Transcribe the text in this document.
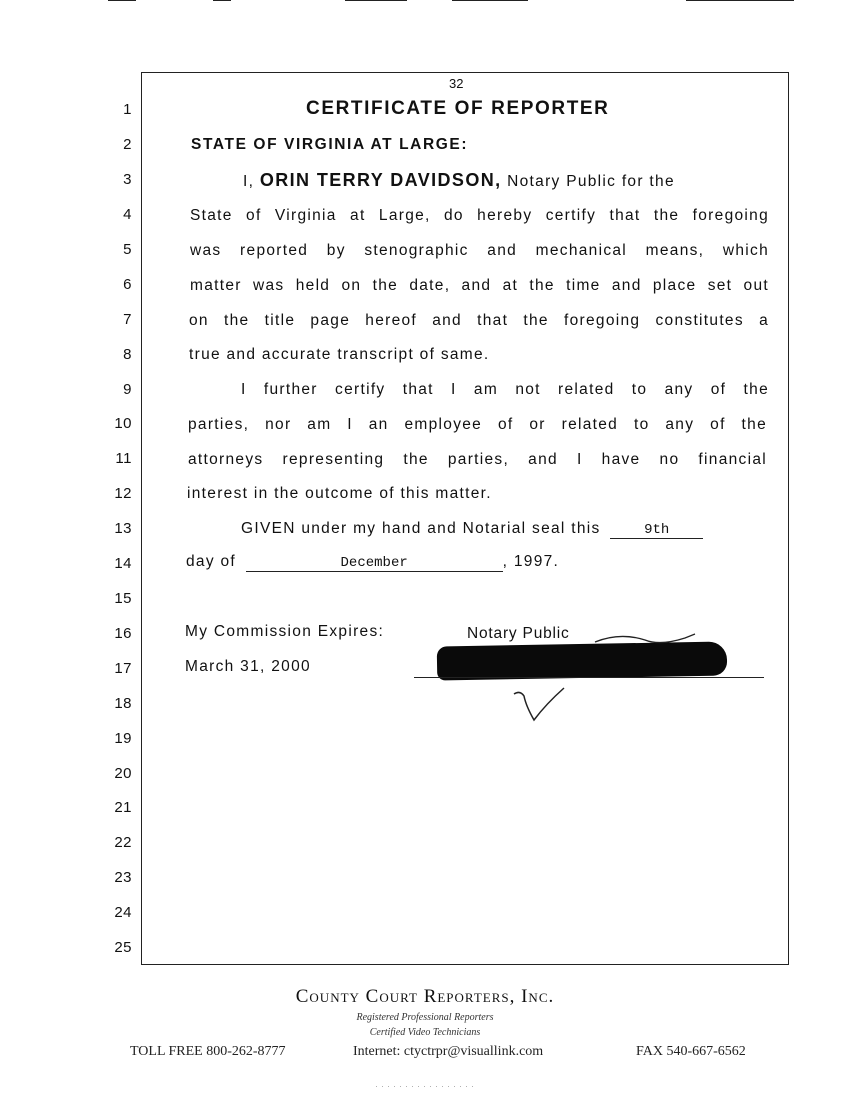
32
CERTIFICATE OF REPORTER
1
2
3
4
5
6
7
8
9
10
11
12
13
14
15
16
17
18
19
20
21
22
23
24
25
STATE OF VIRGINIA AT LARGE:
I, ORIN TERRY DAVIDSON, Notary Public for the
State of Virginia at Large, do hereby certify that the foregoing
was reported by stenographic and mechanical means, which
matter was held on the date, and at the time and place set out
on the title page hereof and that the foregoing constitutes a
true and accurate transcript of same.
I further certify that I am not related to any of the
parties, nor am I an employee of or related to any of the
attorneys representing the parties, and I have no financial
interest in the outcome of this matter.
GIVEN under my hand and Notarial seal this	9th
day of	December	, 1997.
My Commission Expires:
March 31, 2000
Notary Public
County Court Reporters, Inc.
Registered Professional Reporters
Certified Video Technicians
TOLL FREE 800-262-8777	Internet: ctyctrpr@visuallink.com	FAX 540-667-6562
. . . . . . . . . . . . . . . . .
